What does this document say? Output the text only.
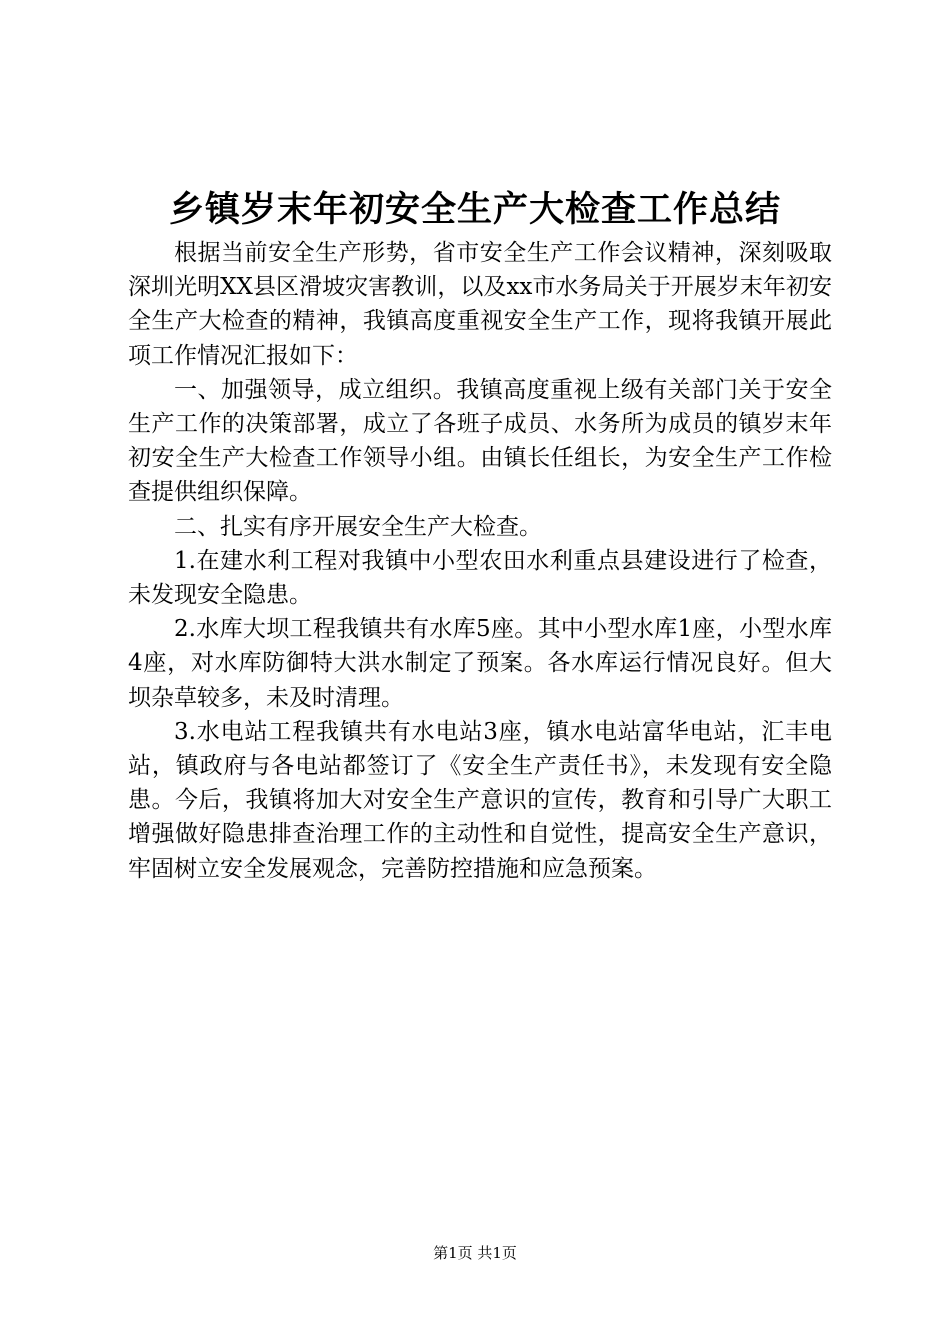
乡镇岁末年初安全生产大检查工作总结

根据当前安全生产形势，省市安全生产工作会议精神，深刻吸取深圳光明XX县区滑坡灾害教训，以及xx市水务局关于开展岁末年初安全生产大检查的精神，我镇高度重视安全生产工作，现将我镇开展此项工作情况汇报如下：

一、加强领导，成立组织。我镇高度重视上级有关部门关于安全生产工作的决策部署，成立了各班子成员、水务所为成员的镇岁末年初安全生产大检查工作领导小组。由镇长任组长，为安全生产工作检查提供组织保障。

二、扎实有序开展安全生产大检查。

1.在建水利工程对我镇中小型农田水利重点县建设进行了检查，未发现安全隐患。

2.水库大坝工程我镇共有水库5座。其中小型水库1座，小型水库4座，对水库防御特大洪水制定了预案。各水库运行情况良好。但大坝杂草较多，未及时清理。

3.水电站工程我镇共有水电站3座，镇水电站富华电站，汇丰电站，镇政府与各电站都签订了《安全生产责任书》，未发现有安全隐患。今后，我镇将加大对安全生产意识的宣传，教育和引导广大职工增强做好隐患排查治理工作的主动性和自觉性，提高安全生产意识，牢固树立安全发展观念，完善防控措施和应急预案。

第1页 共1页
